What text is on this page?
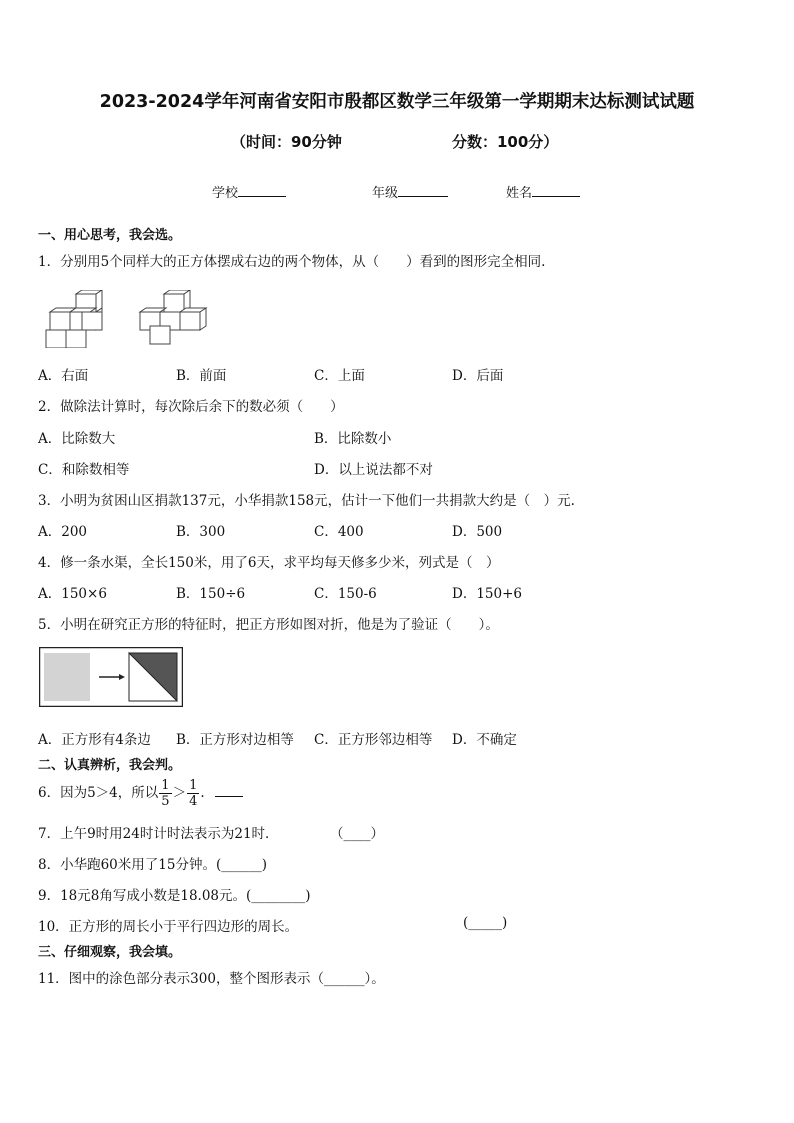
2023-2024学年河南省安阳市殷都区数学三年级第一学期期末达标测试试题
（时间：90分钟	分数：100分）
学校	年级	姓名
一、用心思考，我会选。
1．分别用5个同样大的正方体摆成右边的两个物体，从（　　）看到的图形完全相同.
A．右面	B．前面	C．上面	D．后面
2．做除法计算时，每次除后余下的数必须（　　）
A．比除数大	B．比除数小
C．和除数相等	D．以上说法都不对
3．小明为贫困山区捐款137元，小华捐款158元，估计一下他们一共捐款大约是（　）元.
A．200	B．300	C．400	D．500
4．修一条水渠，全长150米，用了6天，求平均每天修多少米，列式是（　）
A．150×6	B．150÷6	C．150-6	D．150+6
5．小明在研究正方形的特征时，把正方形如图对折，他是为了验证（　　）。
A．正方形有4条边 B．正方形对边相等 C．正方形邻边相等 D．不确定
二、认真辨析，我会判。
6．因为5＞4，所以 $\frac{1}{5} > \frac{1}{4}$ .
7．上午9时用24时计时法表示为21时．	（____）
8．小华跑60米用了15分钟。(______)
9．18元8角写成小数是18.08元。(________)
10．正方形的周长小于平行四边形的周长。	(_____)
三、仔细观察，我会填。
11．图中的涂色部分表示300，整个图形表示（______）。
